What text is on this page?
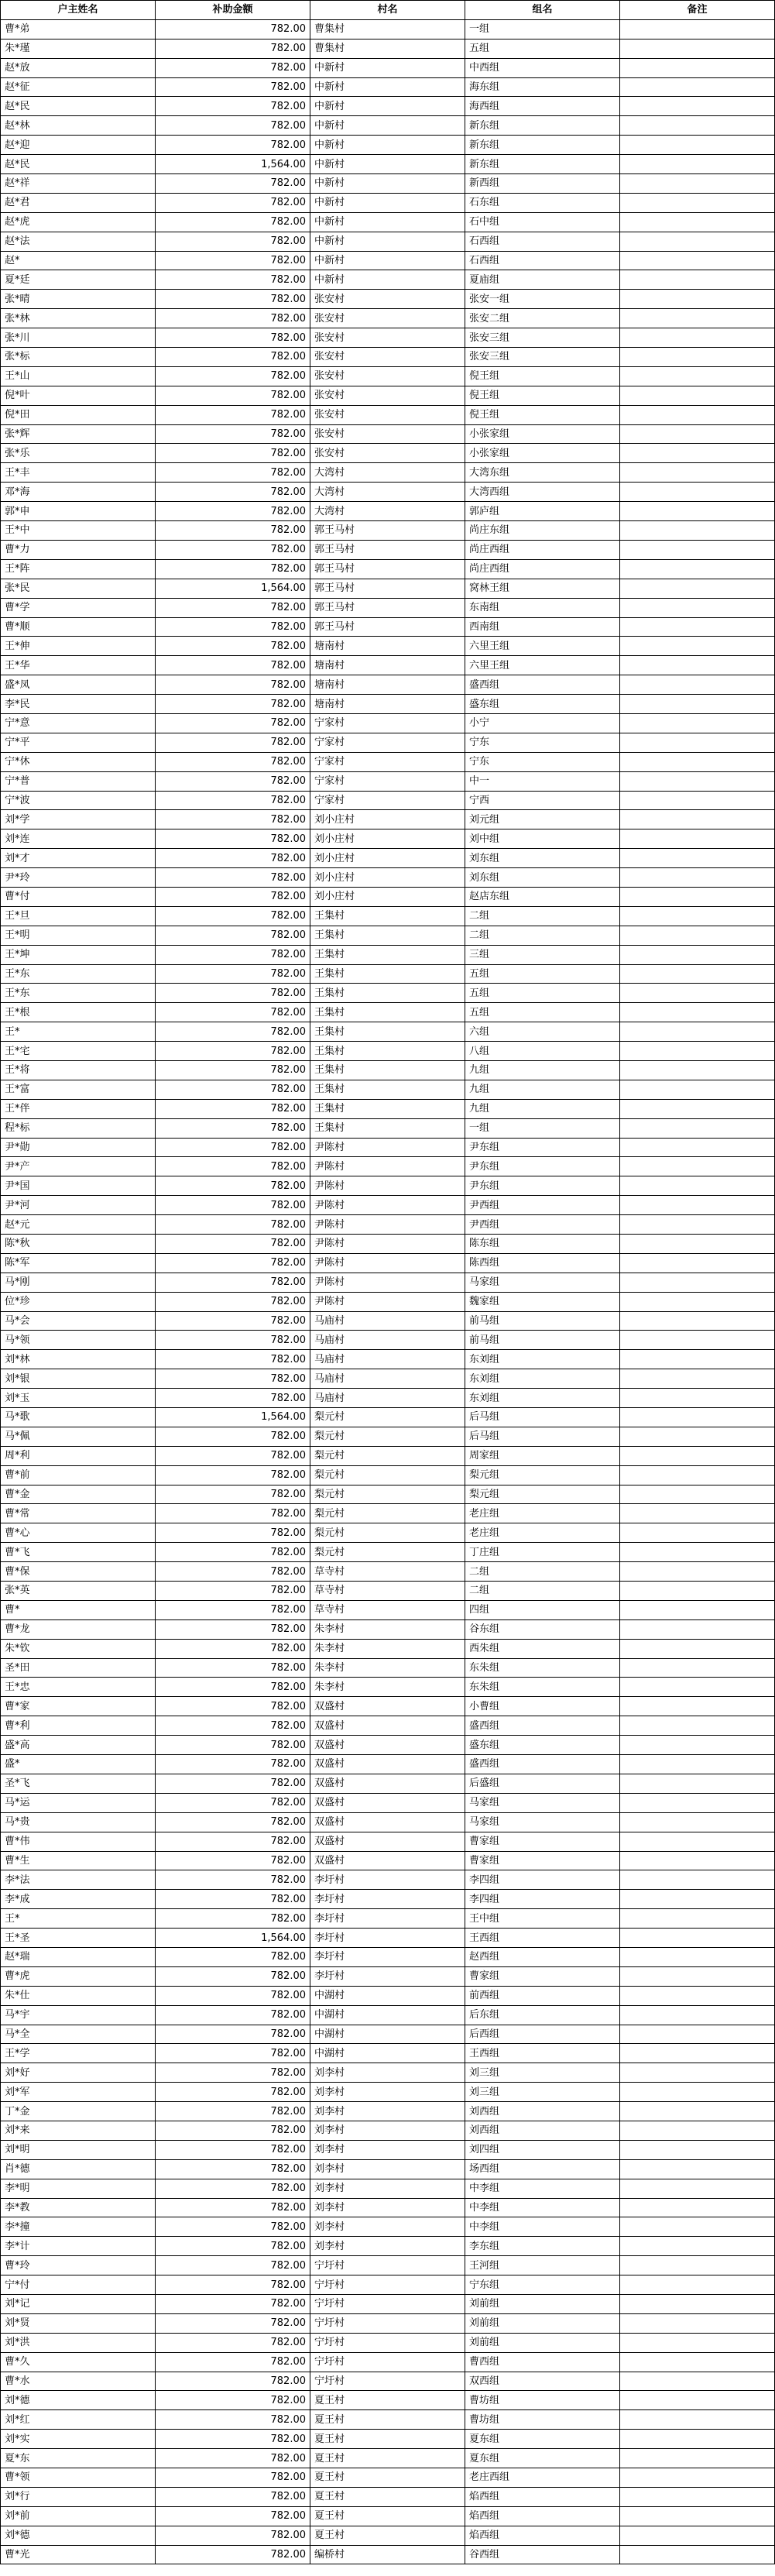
户主姓名	补助金额	村名	组名	备注
曹*弟	782.00	曹集村	一组	
朱*瑾	782.00	曹集村	五组	
赵*放	782.00	中新村	中西组	
赵*征	782.00	中新村	海东组	
赵*民	782.00	中新村	海西组	
赵*林	782.00	中新村	新东组	
赵*迎	782.00	中新村	新东组	
赵*民	1,564.00	中新村	新东组	
赵*祥	782.00	中新村	新西组	
赵*君	782.00	中新村	石东组	
赵*虎	782.00	中新村	石中组	
赵*法	782.00	中新村	石西组	
赵*	782.00	中新村	石西组	
夏*廷	782.00	中新村	夏庙组	
张*晴	782.00	张安村	张安一组	
张*林	782.00	张安村	张安二组	
张*川	782.00	张安村	张安三组	
张*标	782.00	张安村	张安三组	
王*山	782.00	张安村	倪王组	
倪*叶	782.00	张安村	倪王组	
倪*田	782.00	张安村	倪王组	
张*辉	782.00	张安村	小张家组	
张*乐	782.00	张安村	小张家组	
王*丰	782.00	大湾村	大湾东组	
邓*海	782.00	大湾村	大湾西组	
郭*申	782.00	大湾村	郭庐组	
王*中	782.00	郭王马村	尚庄东组	
曹*力	782.00	郭王马村	尚庄西组	
王*阵	782.00	郭王马村	尚庄西组	
张*民	1,564.00	郭王马村	窝林王组	
曹*学	782.00	郭王马村	东南组	
曹*顺	782.00	郭王马村	西南组	
王*伸	782.00	塘南村	六里王组	
王*华	782.00	塘南村	六里王组	
盛*凤	782.00	塘南村	盛西组	
李*民	782.00	塘南村	盛东组	
宁*意	782.00	宁家村	小宁	
宁*平	782.00	宁家村	宁东	
宁*休	782.00	宁家村	宁东	
宁*普	782.00	宁家村	中一	
宁*波	782.00	宁家村	宁西	
刘*学	782.00	刘小庄村	刘元组	
刘*连	782.00	刘小庄村	刘中组	
刘*才	782.00	刘小庄村	刘东组	
尹*玲	782.00	刘小庄村	刘东组	
曹*付	782.00	刘小庄村	赵店东组	
王*旦	782.00	王集村	二组	
王*明	782.00	王集村	二组	
王*坤	782.00	王集村	三组	
王*东	782.00	王集村	五组	
王*东	782.00	王集村	五组	
王*根	782.00	王集村	五组	
王*	782.00	王集村	六组	
王*宅	782.00	王集村	八组	
王*将	782.00	王集村	九组	
王*富	782.00	王集村	九组	
王*伴	782.00	王集村	九组	
程*标	782.00	王集村	一组	
尹*勋	782.00	尹陈村	尹东组	
尹*产	782.00	尹陈村	尹东组	
尹*国	782.00	尹陈村	尹东组	
尹*河	782.00	尹陈村	尹西组	
赵*元	782.00	尹陈村	尹西组	
陈*秋	782.00	尹陈村	陈东组	
陈*军	782.00	尹陈村	陈西组	
马*刚	782.00	尹陈村	马家组	
位*珍	782.00	尹陈村	魏家组	
马*会	782.00	马庙村	前马组	
马*领	782.00	马庙村	前马组	
刘*林	782.00	马庙村	东刘组	
刘*银	782.00	马庙村	东刘组	
刘*玉	782.00	马庙村	东刘组	
马*歌	1,564.00	梨元村	后马组	
马*佩	782.00	梨元村	后马组	
周*利	782.00	梨元村	周家组	
曹*前	782.00	梨元村	梨元组	
曹*金	782.00	梨元村	梨元组	
曹*常	782.00	梨元村	老庄组	
曹*心	782.00	梨元村	老庄组	
曹*飞	782.00	梨元村	丁庄组	
曹*保	782.00	草寺村	二组	
张*英	782.00	草寺村	二组	
曹*	782.00	草寺村	四组	
曹*龙	782.00	朱李村	谷东组	
朱*钦	782.00	朱李村	西朱组	
圣*田	782.00	朱李村	东朱组	
王*忠	782.00	朱李村	东朱组	
曹*家	782.00	双盛村	小曹组	
曹*利	782.00	双盛村	盛西组	
盛*高	782.00	双盛村	盛东组	
盛*	782.00	双盛村	盛西组	
圣*飞	782.00	双盛村	后盛组	
马*运	782.00	双盛村	马家组	
马*贵	782.00	双盛村	马家组	
曹*伟	782.00	双盛村	曹家组	
曹*生	782.00	双盛村	曹家组	
李*法	782.00	李圩村	李四组	
李*成	782.00	李圩村	李四组	
王*	782.00	李圩村	王中组	
王*圣	1,564.00	李圩村	王西组	
赵*瑞	782.00	李圩村	赵西组	
曹*虎	782.00	李圩村	曹家组	
朱*仕	782.00	中湖村	前西组	
马*宇	782.00	中湖村	后东组	
马*全	782.00	中湖村	后西组	
王*学	782.00	中湖村	王西组	
刘*好	782.00	刘李村	刘三组	
刘*军	782.00	刘李村	刘三组	
丁*金	782.00	刘李村	刘西组	
刘*来	782.00	刘李村	刘西组	
刘*明	782.00	刘李村	刘四组	
肖*德	782.00	刘李村	场西组	
李*明	782.00	刘李村	中李组	
李*教	782.00	刘李村	中李组	
李*撞	782.00	刘李村	中李组	
李*计	782.00	刘李村	李东组	
曹*玲	782.00	宁圩村	王河组	
宁*付	782.00	宁圩村	宁东组	
刘*记	782.00	宁圩村	刘前组	
刘*贤	782.00	宁圩村	刘前组	
刘*洪	782.00	宁圩村	刘前组	
曹*久	782.00	宁圩村	曹西组	
曹*水	782.00	宁圩村	双西组	
刘*德	782.00	夏王村	曹坊组	
刘*红	782.00	夏王村	曹坊组	
刘*实	782.00	夏王村	夏东组	
夏*东	782.00	夏王村	夏东组	
曹*领	782.00	夏王村	老庄西组	
刘*行	782.00	夏王村	焰西组	
刘*前	782.00	夏王村	焰西组	
刘*德	782.00	夏王村	焰西组	
曹*光	782.00	编桥村	谷西组	
